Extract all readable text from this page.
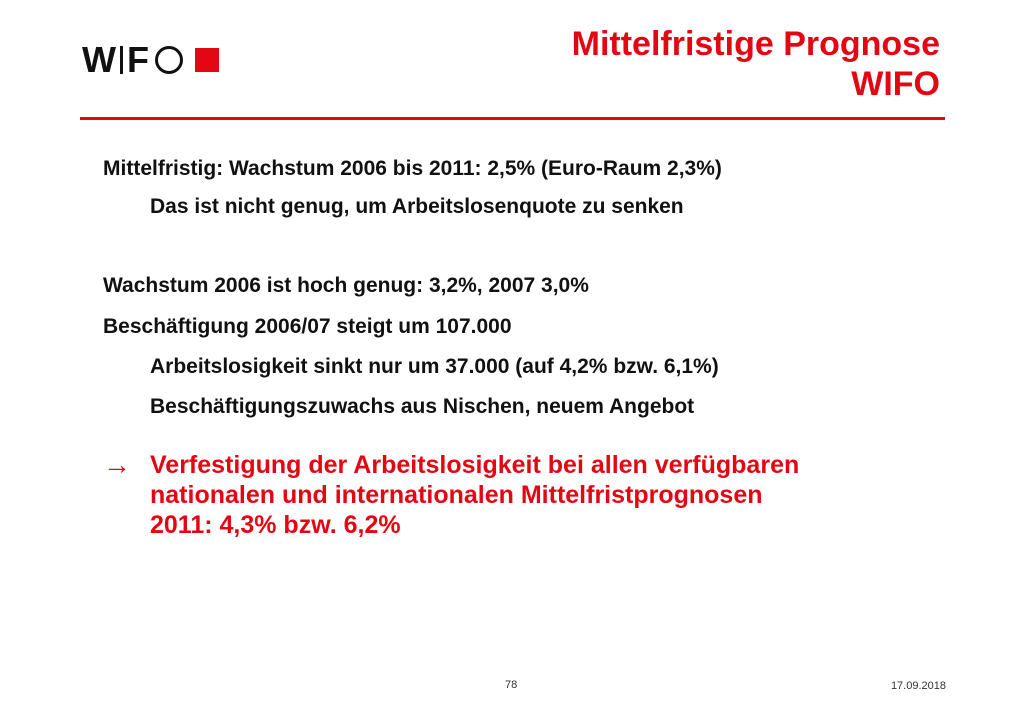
W F	Mittelfristige Prognose
WIFO
Mittelfristig: Wachstum 2006 bis 2011: 2,5% (Euro-Raum 2,3%)
Das ist nicht genug, um Arbeitslosenquote zu senken
Wachstum 2006 ist hoch genug: 3,2%, 2007 3,0%
Beschäftigung 2006/07 steigt um 107.000
Arbeitslosigkeit sinkt nur um 37.000 (auf 4,2% bzw. 6,1%)
Beschäftigungszuwachs aus Nischen, neuem Angebot
→ Verfestigung der Arbeitslosigkeit bei allen verfügbaren
nationalen und internationalen Mittelfristprognosen
2011: 4,3% bzw. 6,2%
78	17.09.2018
